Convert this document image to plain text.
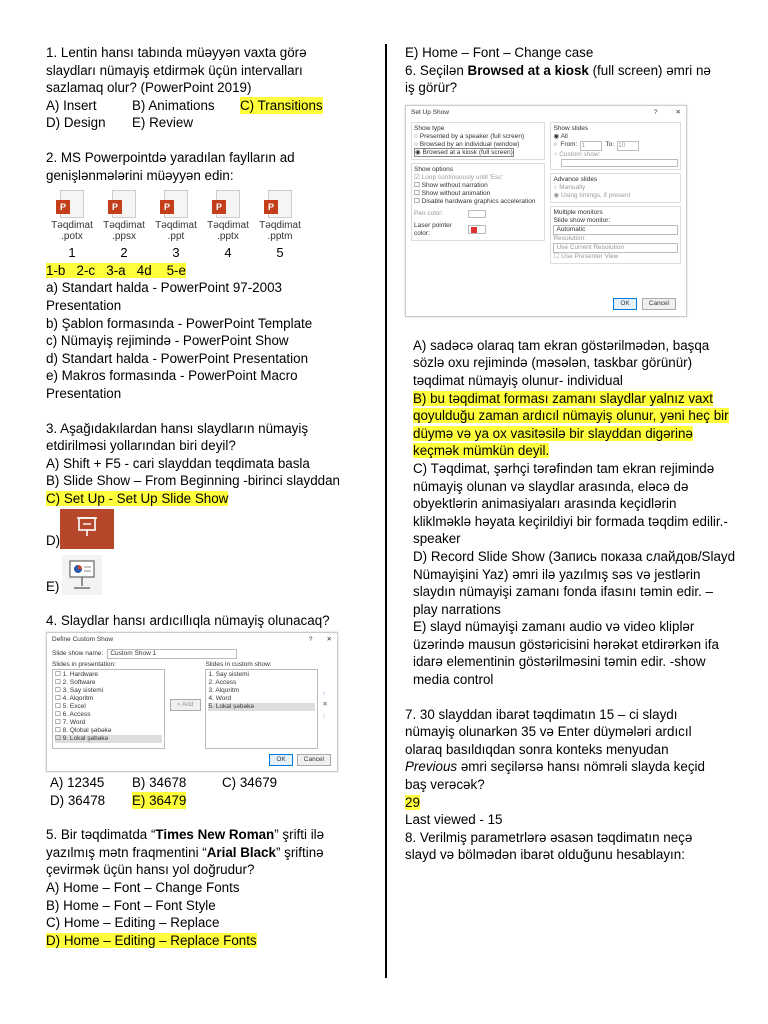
1. Lentin hansı tabında müəyyən vaxta görə

slaydları nümayiş etdirmək üçün intervalları

sazlamaq olur? (PowerPoint 2019)

A) Insert	B) Animations	C) Transitions
D) Design	E) Review

2. MS Powerpointdə yaradılan faylların ad

genişlənmələrini müəyyən edin:

P
Təqdimat
.potx
P
Təqdimat
.ppsx
P
Təqdimat
.ppt
P
Təqdimat
.pptx
P
Təqdimat
.pptm
1	2	3	4	5

1-b   2-c   3-a   4d    5-e

a) Standart halda - PowerPoint 97-2003

Presentation

b) Şablon formasında - PowerPoint Template

c) Nümayiş rejimində - PowerPoint Show

d) Standart halda - PowerPoint Presentation

e) Makros formasında - PowerPoint Macro

Presentation

3. Aşağıdakılardan hansı slaydların nümayiş

etdirilməsi yollarından biri deyil?

A) Shift + F5 - cari slayddan teqdimata basla

B) Slide Show – From Beginning -birinci slayddan

C) Set Up - Set Up Slide Show

D)
E)

4. Slaydlar hansı ardıcıllıqla nümayiş olunacaq?

Define Custom Show	? ✕
Slide show name:	Custom Show 1
Slides in presentation:
☐ 1. Hardware
☐ 2. Software
☐ 3. Say sistemi
☐ 4. Alqoritm
☐ 5. Excel
☐ 6. Access
☐ 7. Word
☐ 8. Qlobal şəbəkə
☐ 9. Lokal şəbəkə
» Add
Slides in custom show:
1. Say sistemi
2. Access
3. Alqoritm
4. Word
5. Lokal şəbəkə
↑
✕
↓
OK	Cancel
A) 12345	B) 34678	C) 34679
D) 36478	E) 36479

5. Bir təqdimatda “Times New Roman” şrifti ilə

yazılmış mətn fraqmentini “Arial Black” şriftinə

çevirmək üçün hansı yol doğrudur?

A) Home – Font – Change Fonts

B) Home – Font – Font Style

C) Home – Editing – Replace

D) Home – Editing – Replace Fonts

E) Home – Font – Change case

6. Seçilən Browsed at a kiosk (full screen) əmri nə

iş görür?

Set Up Show	?	✕
Show type
○ Presented by a speaker (full screen)
○ Browsed by an individual (window)
◉ Browsed at a kiosk (full screen)
Show options
☑ Loop continuously until 'Esc'
☐ Show without narration
☐ Show without animation
☐ Disable hardware graphics acceleration
Pen color:
Laser pointer color:
Show slides
◉ All
○ From: 1	To: 10
○ Custom show:
Advance slides
○ Manually
◉ Using timings, if present
Multiple monitors
Slide show monitor:
Automatic
Resolution:
Use Current Resolution
☐ Use Presenter View
OK	Cancel

A) sadəcə olaraq tam ekran göstərilmədən, başqa

sözlə oxu rejimində (məsələn, taskbar görünür)

təqdimat nümayiş olunur- individual

B) bu təqdimat forması zamanı slaydlar yalnız vaxt

qoyulduğu zaman ardıcıl nümayiş olunur, yəni heç bir

düymə və ya ox vasitəsilə bir slayddan digərinə

keçmək mümkün deyil.

C) Təqdimat, şərhçi tərəfindən tam ekran rejimində

nümayiş olunan və slaydlar arasında, eləcə də

obyektlərin animasiyaları arasında keçidlərin

kliklməklə həyata keçirildiyi bir formada təqdim edilir.-

speaker

D) Record Slide Show (Запись показа слайдов/Slayd

Nümayişini Yaz) əmri ilə yazılmış səs və jestlərin

slaydın nümayişi zamanı fonda ifasını təmin edir. –

play narrations

E) slayd nümayişi zamanı audio və video kliplər

üzərində mausun göstəricisini hərəkət etdirərkən ifa

idarə elementinin göstərilməsini təmin edir. -show

media control

7. 30 slayddan ibarət təqdimatın 15 – ci slaydı

nümayiş olunarkən 35 və Enter düymələri ardıcıl

olaraq basıldıqdan sonra konteks menyudan

Previous əmri seçilərsə hansı nömrəli slayda keçid

baş verəcək?

29

Last viewed - 15

8. Verilmiş parametrlərə əsasən təqdimatın neçə

slayd və bölmədən ibarət olduğunu hesablayın:
